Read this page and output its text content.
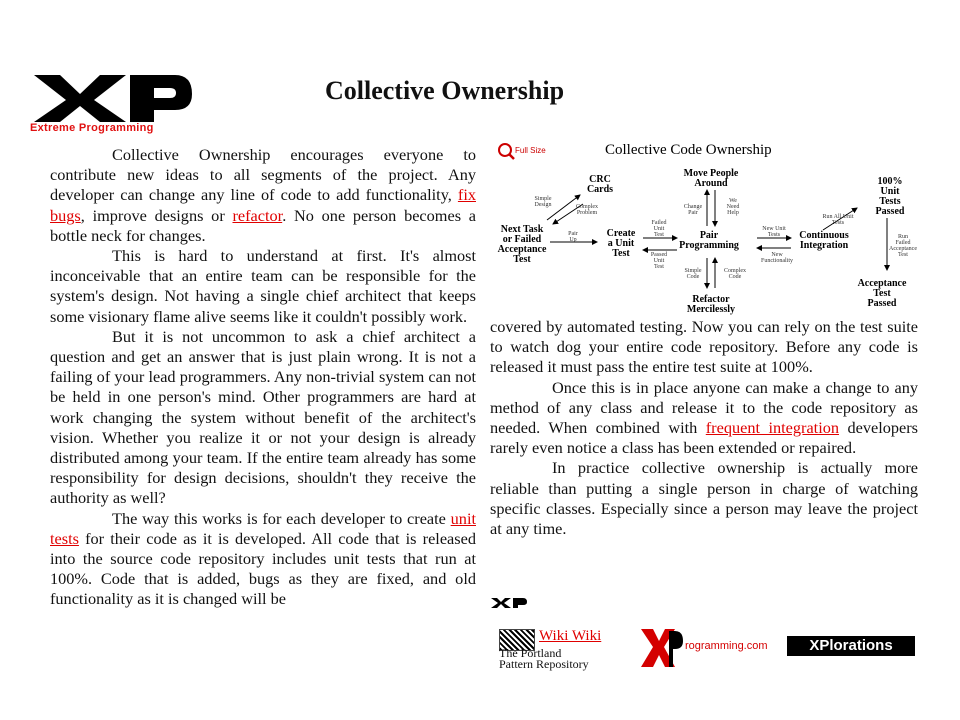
Extreme Programming
Collective Ownership

Collective Ownership encourages everyone to contribute new ideas to all segments of the project. Any developer can change any line of code to add functionality, fix bugs, improve designs or refactor. No one person becomes a bottle neck for changes.

This is hard to understand at first. It's almost inconceivable that an entire team can be responsible for the system's design. Not having a single chief architect that keeps some visionary flame alive seems like it couldn't possibly work.

But it is not uncommon to ask a chief architect a question and get an answer that is just plain wrong. It is not a failing of your lead programmers. Any non-trivial system can not be held in one person's mind. Other programmers are hard at work changing the system without benefit of the architect's vision. Whether you realize it or not your design is already distributed among your team. If the entire team already has some responsibility for design decisions, shouldn't they receive the authority as well?

The way this works is for each developer to create unit tests for their code as it is developed. All code that is released into the source code repository includes unit tests that run at 100%. Code that is added, bugs as they are fixed, and old functionality as it is changed will be

Full Size	Collective Code Ownership
CRC Cards
Next Task or Failed Acceptance Test
Create a Unit Test
Move People Around
Pair Programming
Refactor Mercilessly
Continuous Integration
100% Unit Tests Passed
Acceptance Test Passed
Simple Design	Complex Problem
Pair Up
Failed Unit Test
Passed Unit Test
Change Pair
We Need Help
Simple Code
Complex Code
New Unit Tests
New Functionality
Run All Unit Tests
Run Failed Acceptance Test

covered by automated testing. Now you can rely on the test suite to watch dog your entire code repository. Before any code is released it must pass the entire test suite at 100%.

Once this is in place anyone can make a change to any method of any class and release it to the code repository as needed. When combined with frequent integration developers rarely even notice a class has been extended or repaired.

In practice collective ownership is actually more reliable than putting a single person in charge of watching specific classes. Especially since a person may leave the project at any time.

Wiki Wiki
The Portland
Pattern Repository
rogramming.com	XPlorations
